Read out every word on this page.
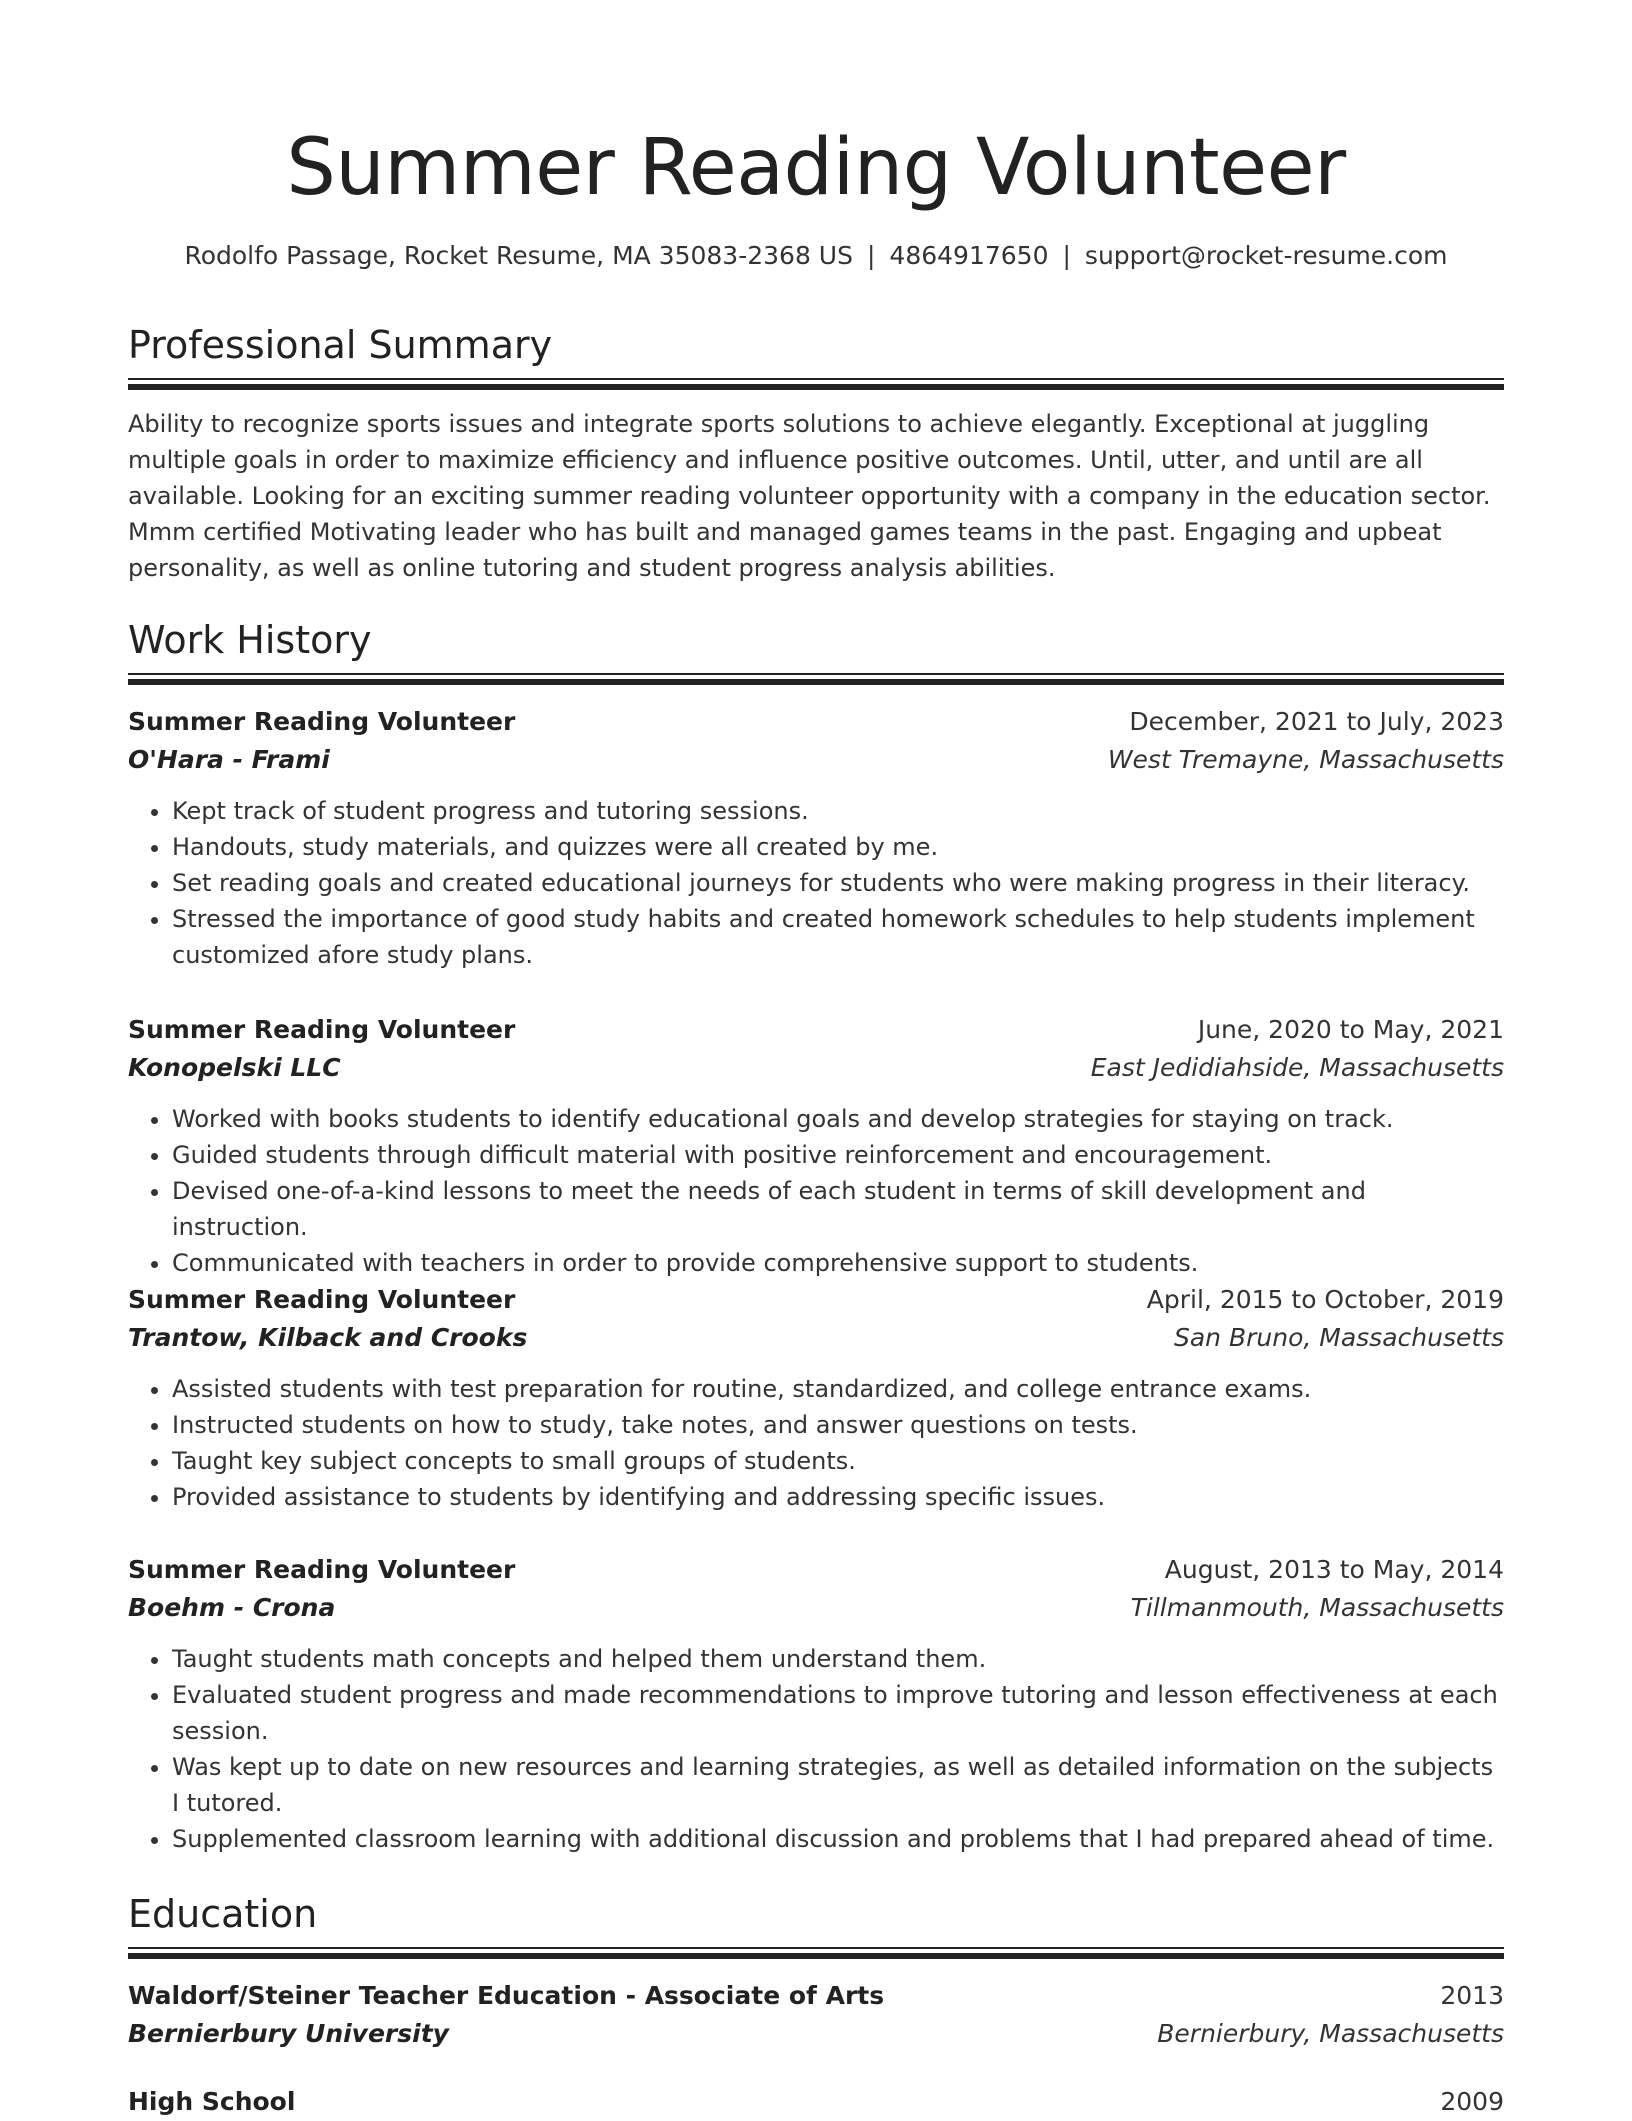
Summer Reading Volunteer
Rodolfo Passage, Rocket Resume, MA 35083-2368 US | 4864917650 | support@rocket-resume.com
Professional Summary

Ability to recognize sports issues and integrate sports solutions to achieve elegantly. Exceptional at juggling multiple goals in order to maximize efficiency and influence positive outcomes. Until, utter, and until are all available. Looking for an exciting summer reading volunteer opportunity with a company in the education sector. Mmm certified Motivating leader who has built and managed games teams in the past. Engaging and upbeat personality, as well as online tutoring and student progress analysis abilities.

Work History
Summer Reading Volunteer	December, 2021 to July, 2023
O'Hara - Frami	West Tremayne, Massachusetts
• Kept track of student progress and tutoring sessions.
• Handouts, study materials, and quizzes were all created by me.
• Set reading goals and created educational journeys for students who were making progress in their literacy.
• Stressed the importance of good study habits and created homework schedules to help students implement customized afore study plans.
Summer Reading Volunteer	June, 2020 to May, 2021
Konopelski LLC	East Jedidiahside, Massachusetts
• Worked with books students to identify educational goals and develop strategies for staying on track.
• Guided students through difficult material with positive reinforcement and encouragement.
• Devised one-of-a-kind lessons to meet the needs of each student in terms of skill development and instruction.
• Communicated with teachers in order to provide comprehensive support to students.
Summer Reading Volunteer	April, 2015 to October, 2019
Trantow, Kilback and Crooks	San Bruno, Massachusetts
• Assisted students with test preparation for routine, standardized, and college entrance exams.
• Instructed students on how to study, take notes, and answer questions on tests.
• Taught key subject concepts to small groups of students.
• Provided assistance to students by identifying and addressing specific issues.
Summer Reading Volunteer	August, 2013 to May, 2014
Boehm - Crona	Tillmanmouth, Massachusetts
• Taught students math concepts and helped them understand them.
• Evaluated student progress and made recommendations to improve tutoring and lesson effectiveness at each session.
• Was kept up to date on new resources and learning strategies, as well as detailed information on the subjects I tutored.
• Supplemented classroom learning with additional discussion and problems that I had prepared ahead of time.
Education
Waldorf/Steiner Teacher Education - Associate of Arts	2013
Bernierbury University	Bernierbury, Massachusetts
High School	2009
